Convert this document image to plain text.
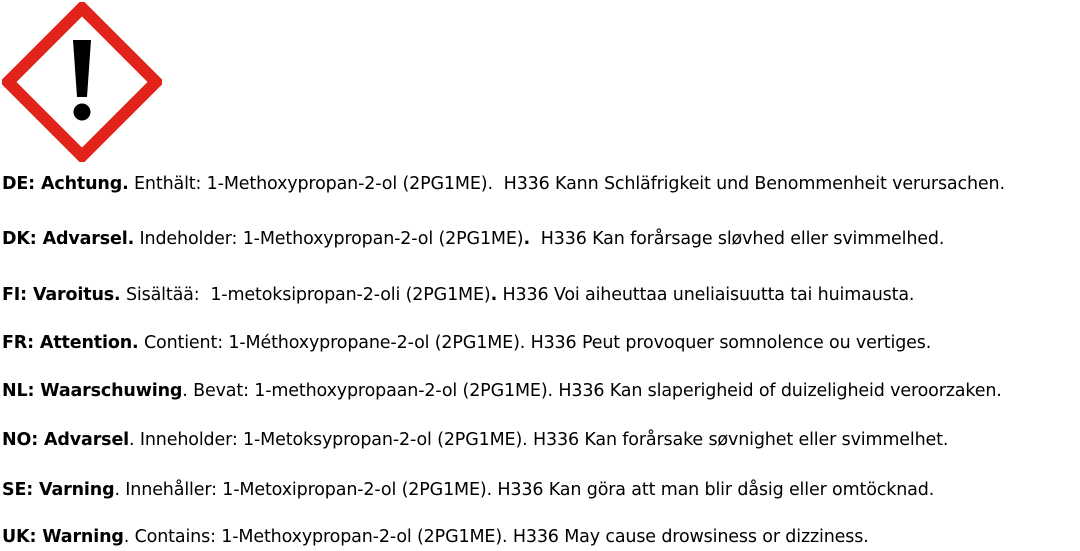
DE: Achtung. Enthält: 1-Methoxypropan-2-ol (2PG1ME).  H336 Kann Schläfrigkeit und Benommenheit verursachen.
DK: Advarsel. Indeholder: 1-Methoxypropan-2-ol (2PG1ME).  H336 Kan forårsage sløvhed eller svimmelhed.
FI: Varoitus. Sisältää:  1-metoksipropan-2-oli (2PG1ME). H336 Voi aiheuttaa uneliaisuutta tai huimausta.
FR: Attention. Contient: 1-Méthoxypropane-2-ol (2PG1ME). H336 Peut provoquer somnolence ou vertiges.
NL: Waarschuwing. Bevat: 1-methoxypropaan-2-ol (2PG1ME). H336 Kan slaperigheid of duizeligheid veroorzaken.
NO: Advarsel. Inneholder: 1-Metoksypropan-2-ol (2PG1ME). H336 Kan forårsake søvnighet eller svimmelhet.
SE: Varning. Innehåller: 1-Metoxipropan-2-ol (2PG1ME). H336 Kan göra att man blir dåsig eller omtöcknad.
UK: Warning. Contains: 1-Methoxypropan-2-ol (2PG1ME). H336 May cause drowsiness or dizziness.
